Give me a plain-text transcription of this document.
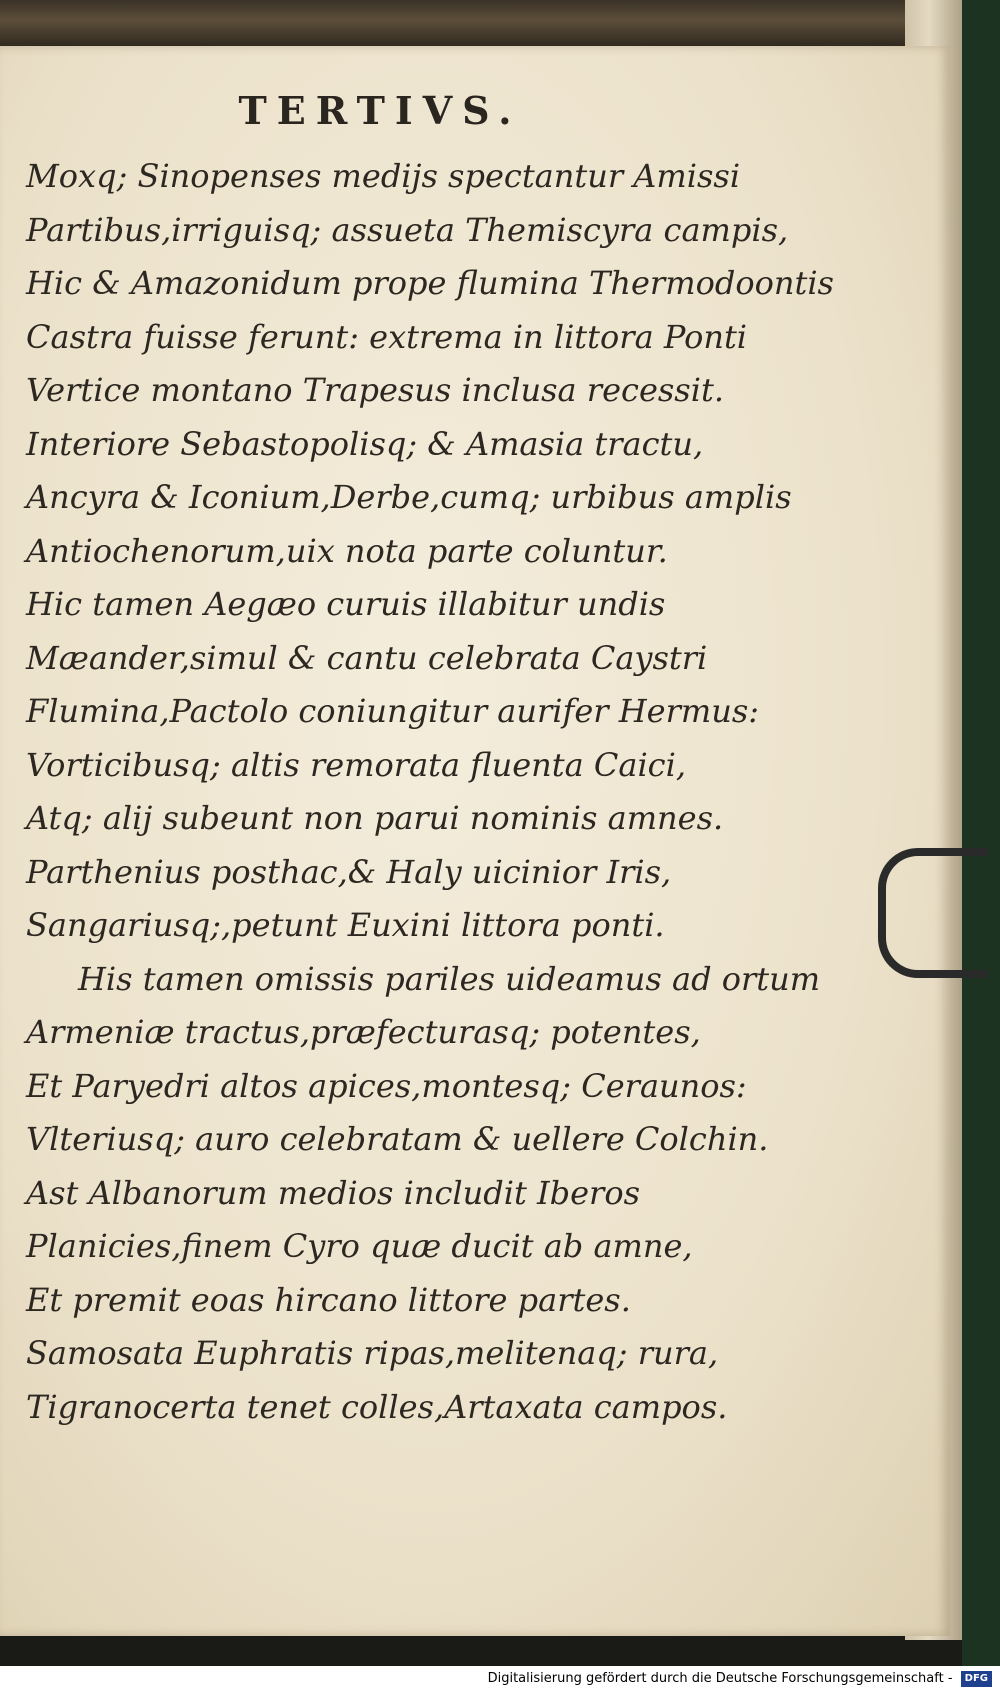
TERTIVS.
Moxq; Sinopenses medijs spectantur Amissi
Partibus,irriguisq; assueta Themiscyra campis,
Hic & Amazonidum prope flumina Thermodoontis
Castra fuisse ferunt: extrema in littora Ponti
Vertice montano Trapesus inclusa recessit.
Interiore Sebastopolisq; & Amasia tractu,
Ancyra & Iconium,Derbe,cumq; urbibus amplis
Antiochenorum,uix nota parte coluntur.
Hic tamen Aegæo curuis illabitur undis
Mæander,simul & cantu celebrata Caystri
Flumina,Pactolo coniungitur aurifer Hermus:
Vorticibusq; altis remorata fluenta Caici,
Atq; alij subeunt non parui nominis amnes.
Parthenius posthac,& Haly uicinior Iris,
Sangariusq;,petunt Euxini littora ponti.
His tamen omissis pariles uideamus ad ortum
Armeniæ tractus,præfecturasq; potentes,
Et Paryedri altos apices,montesq; Ceraunos:
Vlteriusq; auro celebratam & uellere Colchin.
Ast Albanorum medios includit Iberos
Planicies,finem Cyro quæ ducit ab amne,
Et premit eoas hircano littore partes.
Samosata Euphratis ripas,melitenaq; rura,
Tigranocerta tenet colles,Artaxata campos.
Digitalisierung gefördert durch die Deutsche Forschungsgemeinschaft - DFG
